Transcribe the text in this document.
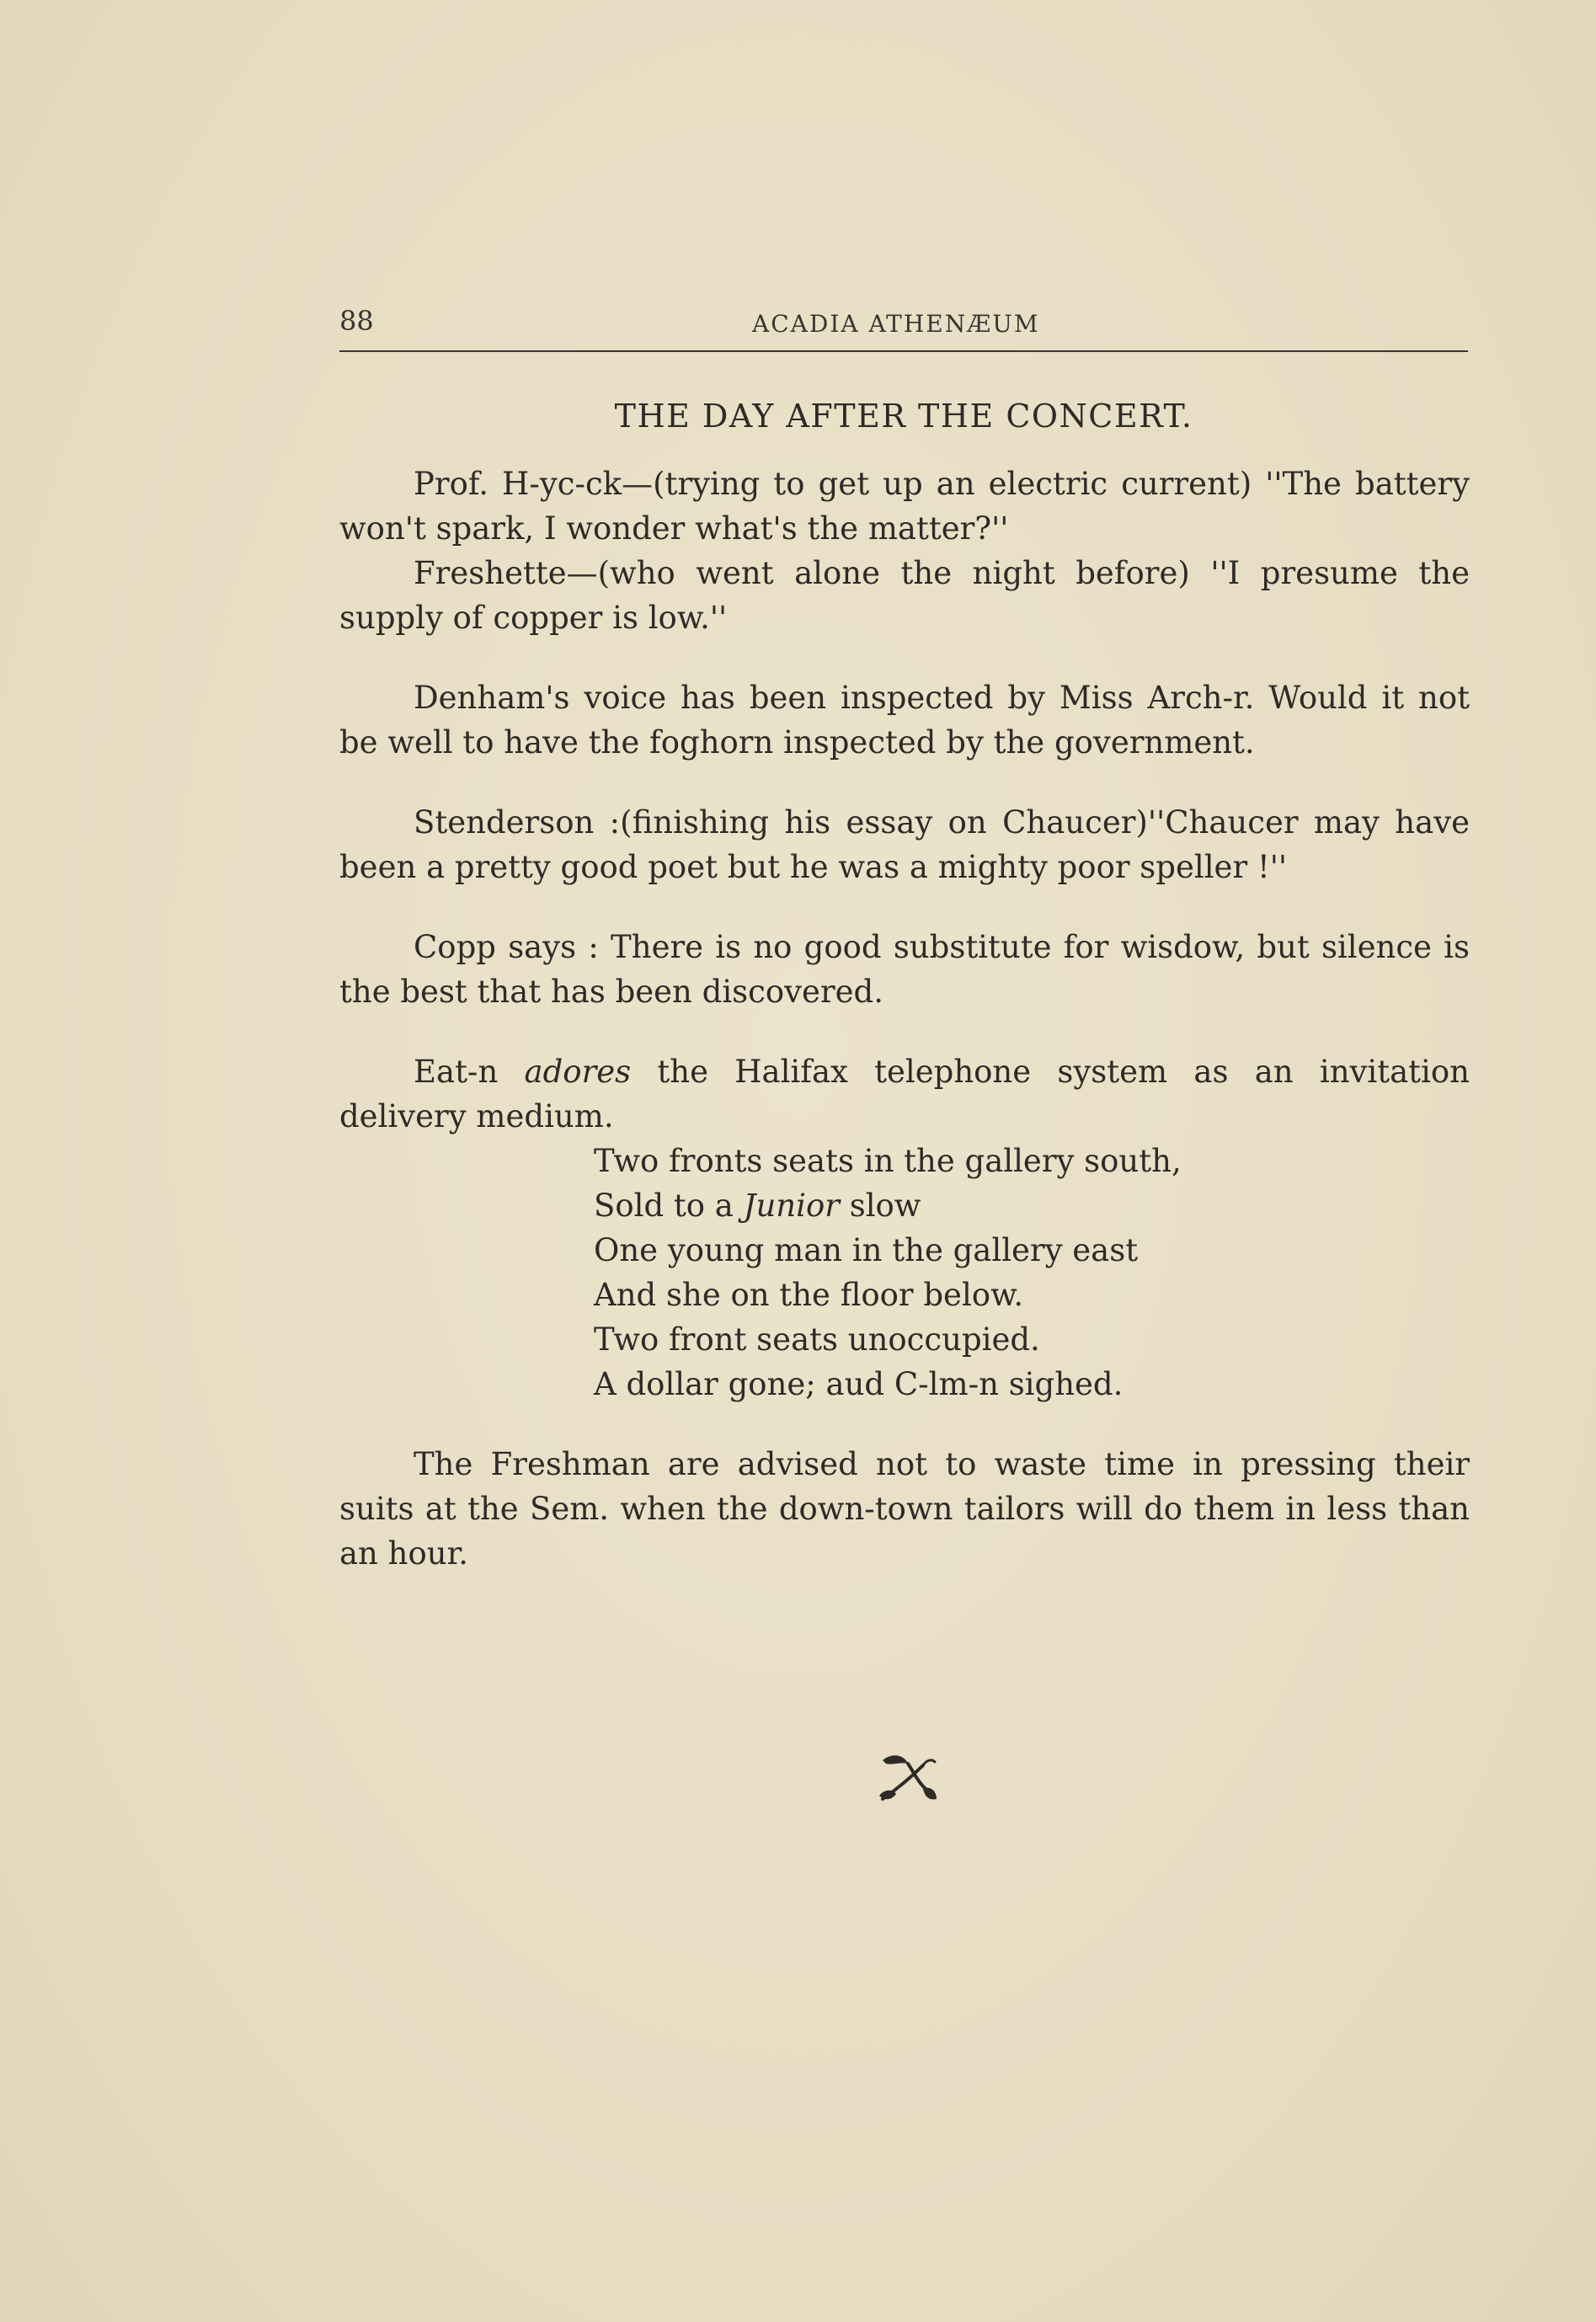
88	ACADIA ATHENÆUM
THE DAY AFTER THE CONCERT.

Prof. H-yc-ck—(trying to get up an electric current) ''The battery won't spark, I wonder what's the matter?''

Freshette—(who went alone the night before) ''I presume the supply of copper is low.''

Denham's voice has been inspected by Miss Arch-r. Would it not be well to have the foghorn inspected by the government.

Stenderson :(finishing his essay on Chaucer)''Chaucer may have been a pretty good poet but he was a mighty poor speller !''

Copp says : There is no good substitute for wisdow, but silence is the best that has been discovered.

Eat-n adores the Halifax telephone system as an invitation delivery medium.

Two fronts seats in the gallery south,
Sold to a Junior slow
One young man in the gallery east
And she on the floor below.
Two front seats unoccupied.
A dollar gone; aud C-lm-n sighed.

The Freshman are advised not to waste time in pressing their suits at the Sem. when the down-town tailors will do them in less than an hour.
